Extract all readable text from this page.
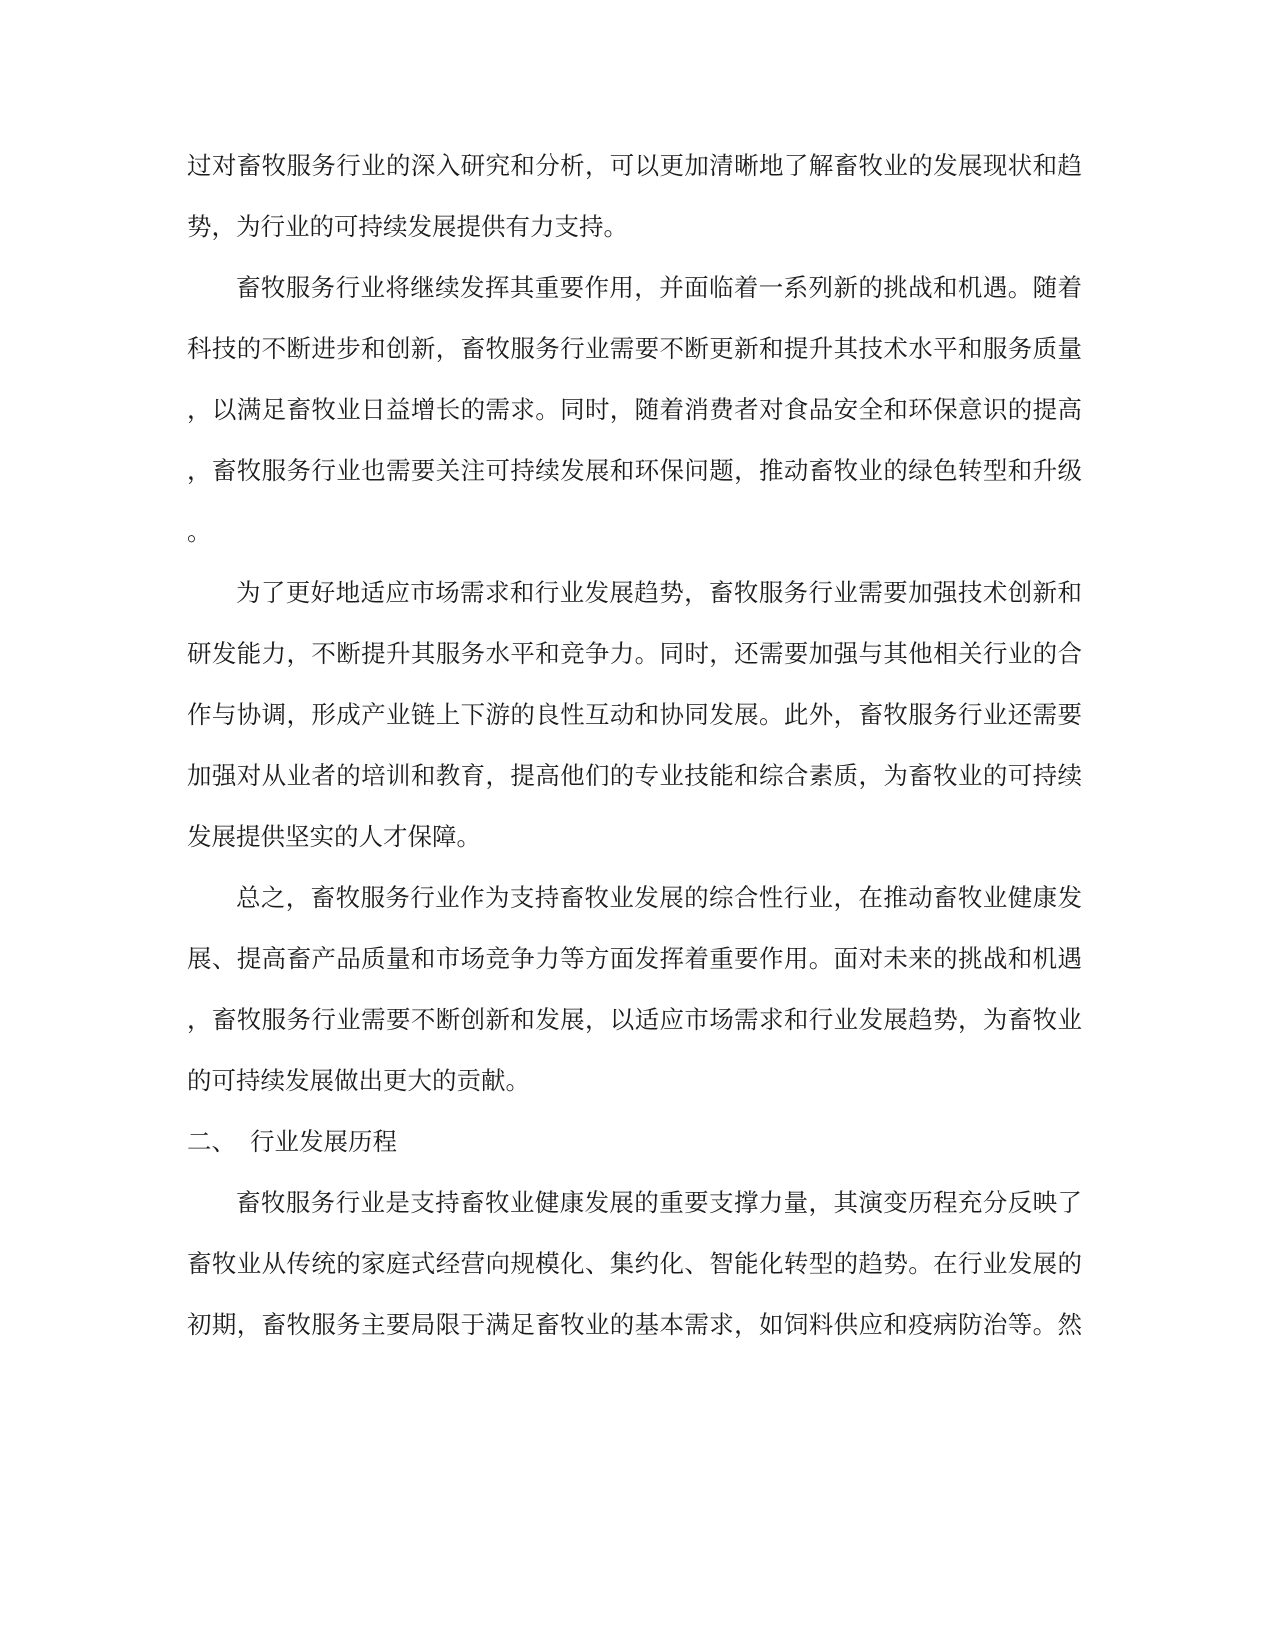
过对畜牧服务行业的深入研究和分析，可以更加清晰地了解畜牧业的发展现状和趋
势，为行业的可持续发展提供有力支持。
畜牧服务行业将继续发挥其重要作用，并面临着一系列新的挑战和机遇。随着
科技的不断进步和创新，畜牧服务行业需要不断更新和提升其技术水平和服务质量
，以满足畜牧业日益增长的需求。同时，随着消费者对食品安全和环保意识的提高
，畜牧服务行业也需要关注可持续发展和环保问题，推动畜牧业的绿色转型和升级
。
为了更好地适应市场需求和行业发展趋势，畜牧服务行业需要加强技术创新和
研发能力，不断提升其服务水平和竞争力。同时，还需要加强与其他相关行业的合
作与协调，形成产业链上下游的良性互动和协同发展。此外，畜牧服务行业还需要
加强对从业者的培训和教育，提高他们的专业技能和综合素质，为畜牧业的可持续
发展提供坚实的人才保障。
总之，畜牧服务行业作为支持畜牧业发展的综合性行业，在推动畜牧业健康发
展、提高畜产品质量和市场竞争力等方面发挥着重要作用。面对未来的挑战和机遇
，畜牧服务行业需要不断创新和发展，以适应市场需求和行业发展趋势，为畜牧业
的可持续发展做出更大的贡献。
二、 行业发展历程
畜牧服务行业是支持畜牧业健康发展的重要支撑力量，其演变历程充分反映了
畜牧业从传统的家庭式经营向规模化、集约化、智能化转型的趋势。在行业发展的
初期，畜牧服务主要局限于满足畜牧业的基本需求，如饲料供应和疫病防治等。然
